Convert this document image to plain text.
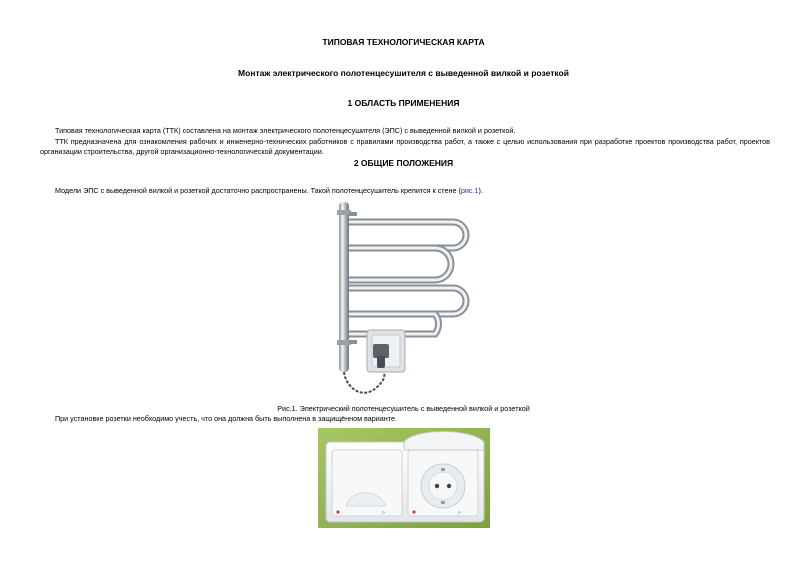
ТИПОВАЯ ТЕХНОЛОГИЧЕСКАЯ КАРТА
Монтаж электрического полотенцесушителя с выведенной вилкой и розеткой
1 ОБЛАСТЬ ПРИМЕНЕНИЯ
Типовая технологическая карта (ТТК) составлена на монтаж электрического полотенцесушителя (ЭПС) с выведенной вилкой и розеткой.
ТТК предназначена для ознакомления рабочих и инженерно-технических работников с правилами производства работ, а также с целью использования при разработке проектов производства работ, проектов
организации строительства, другой организационно-технологической документации.
2 ОБЩИЕ ПОЛОЖЕНИЯ
Модели ЭПС с выведенной вилкой и розеткой достаточно распространены. Такой полотенцесушитель крепится к стене (рис.1).
Рис.1. Электрический полотенцесушитель с выведенной вилкой и розеткой
При установке розетки необходимо учесть, что она должна быть выполнена в защищённом варианте.
ᐅ	ᐅ
